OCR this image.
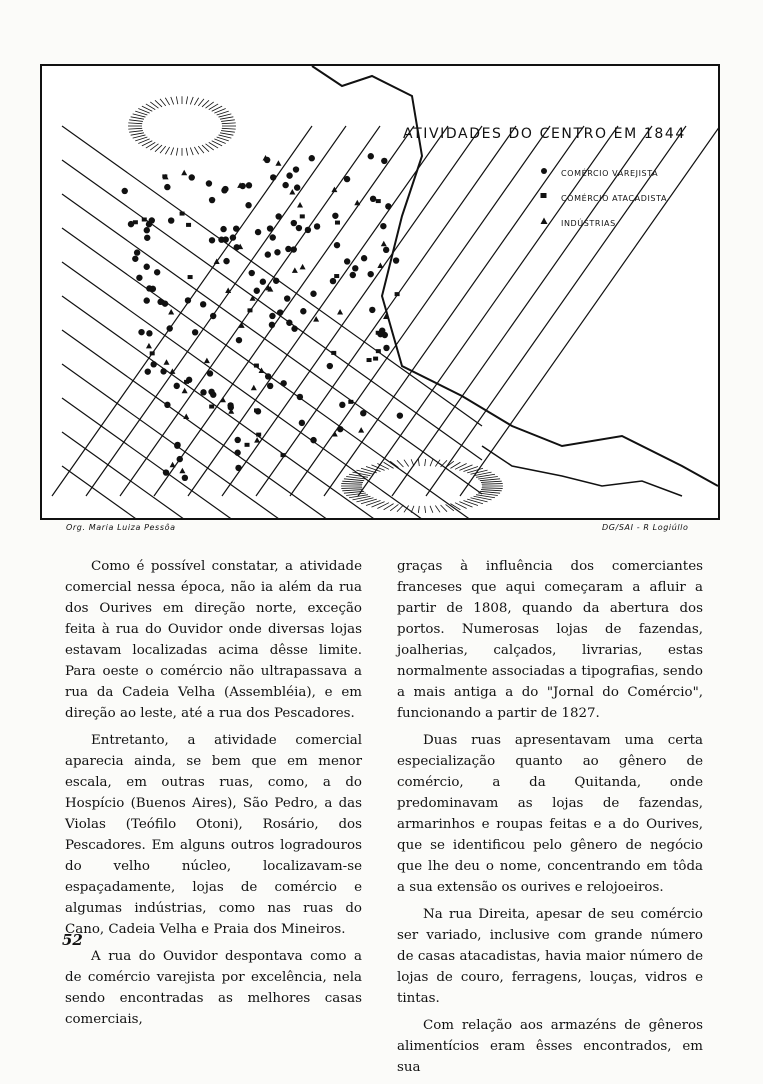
ATIVIDADES DO CENTRO EM 1844
COMÉRCIO VAREJISTA
COMÉRCIO ATACADISTA
INDÚSTRIAS
Org. Maria Luiza Pessôa	DG/SAI - R Logiúllo

Como é possível constatar, a atividade comercial nessa época, não ia além da rua dos Ourives em direção norte, exceção feita à rua do Ouvidor onde diversas lojas estavam localizadas acima dêsse limite. Para oeste o comércio não ultrapassava a rua da Cadeia Velha (Assembléia), e em direção ao leste, até a rua dos Pescadores.

Entretanto, a atividade comercial aparecia ainda, se bem que em menor escala, em outras ruas, como, a do Hospício (Buenos Aires), São Pedro, a das Violas (Teófilo Otoni), Rosário, dos Pescadores. Em alguns outros logradouros do velho núcleo, localizavam-se espaçadamente, lojas de comércio e algumas indústrias, como nas ruas do Cano, Cadeia Velha e Praia dos Mineiros.

A rua do Ouvidor despontava como a de comércio varejista por excelência, nela sendo encontradas as melhores casas comerciais,

graças à influência dos comerciantes franceses que aqui começaram a afluir a partir de 1808, quando da abertura dos portos. Numerosas lojas de fazendas, joalherias, calçados, livrarias, estas normalmente associadas a tipografias, sendo a mais antiga a do "Jornal do Comércio", funcionando a partir de 1827.

Duas ruas apresentavam uma certa especialização quanto ao gênero de comércio, a da Quitanda, onde predominavam as lojas de fazendas, armarinhos e roupas feitas e a do Ourives, que se identificou pelo gênero de negócio que lhe deu o nome, concentrando em tôda a sua extensão os ourives e relojoeiros.

Na rua Direita, apesar de seu comércio ser variado, inclusive com grande número de casas atacadistas, havia maior número de lojas de couro, ferragens, louças, vidros e tintas.

Com relação aos armazéns de gêneros alimentícios eram êsses encontrados, em sua

52
